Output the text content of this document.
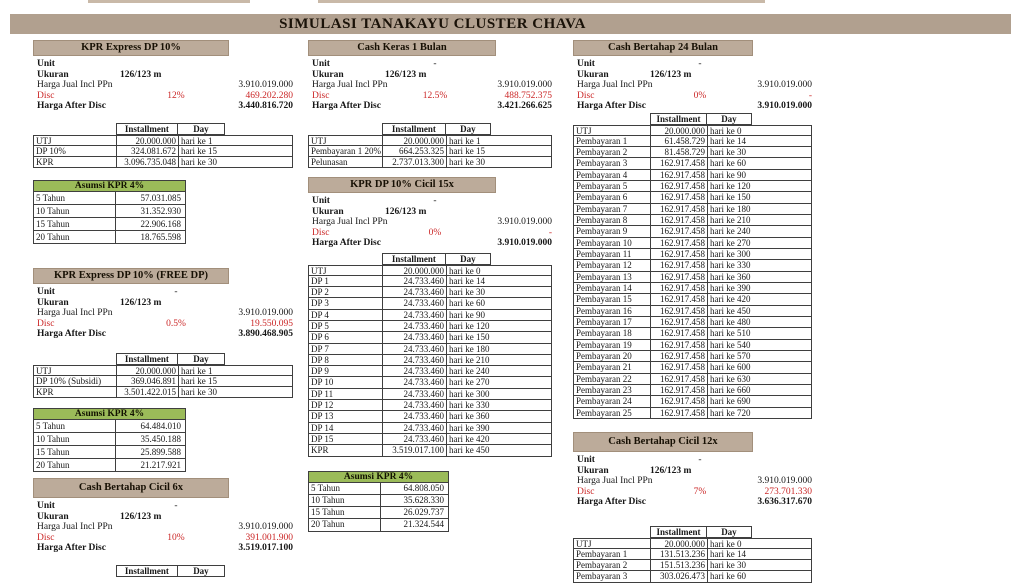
SIMULASI TANAKAYU CLUSTER CHAVA
KPR Express DP 10%
Unit
Ukuran	126/123 m
Harga Jual Incl PPn	3.910.019.000
Disc	12%	469.202.280
Harga After Disc	3.440.816.720
Installment	Day
UTJ	20.000.000 hari ke 1
DP 10%	324.081.672 hari ke 15
KPR	3.096.735.048 hari ke 30
Asumsi KPR 4%
5 Tahun	57.031.085
10 Tahun	31.352.930
15 Tahun	22.906.168
20 Tahun	18.765.598
KPR Express DP 10% (FREE DP)
Unit	-
Ukuran	126/123 m
Harga Jual Incl PPn	3.910.019.000
Disc	0.5%	19.550.095
Harga After Disc	3.890.468.905
Installment	Day
UTJ	20.000.000 hari ke 1
DP 10% (Subsidi)	369.046.891 hari ke 15
KPR	3.501.422.015 hari ke 30
Asumsi KPR 4%
5 Tahun	64.484.010
10 Tahun	35.450.188
15 Tahun	25.899.588
20 Tahun	21.217.921
Cash Bertahap Cicil 6x
Unit	-
Ukuran	126/123 m
Harga Jual Incl PPn	3.910.019.000
Disc	10%	391.001.900
Harga After Disc	3.519.017.100
Installment	Day
Cash Keras 1 Bulan
Unit	-
Ukuran	126/123 m
Harga Jual Incl PPn	3.910.019.000
Disc	12.5%	488.752.375
Harga After Disc	3.421.266.625
Installment	Day
UTJ	20.000.000 hari ke 1
Pembayaran 1 20%	664.253.325 hari ke 15
Pelunasan	2.737.013.300 hari ke 30
KPR DP 10% Cicil 15x
Unit	-
Ukuran	126/123 m
Harga Jual Incl PPn	3.910.019.000
Disc	0%	-
Harga After Disc	3.910.019.000
Installment	Day
UTJ	20.000.000 hari ke 0
DP 1	24.733.460 hari ke 14
DP 2	24.733.460 hari ke 30
DP 3	24.733.460 hari ke 60
DP 4	24.733.460 hari ke 90
DP 5	24.733.460 hari ke 120
DP 6	24.733.460 hari ke 150
DP 7	24.733.460 hari ke 180
DP 8	24.733.460 hari ke 210
DP 9	24.733.460 hari ke 240
DP 10	24.733.460 hari ke 270
DP 11	24.733.460 hari ke 300
DP 12	24.733.460 hari ke 330
DP 13	24.733.460 hari ke 360
DP 14	24.733.460 hari ke 390
DP 15	24.733.460 hari ke 420
KPR	3.519.017.100 hari ke 450
Asumsi KPR 4%
5 Tahun	64.808.050
10 Tahun	35.628.330
15 Tahun	26.029.737
20 Tahun	21.324.544
Cash Bertahap 24 Bulan
Unit	-
Ukuran	126/123 m
Harga Jual Incl PPn	3.910.019.000
Disc	0%	-
Harga After Disc	3.910.019.000
Installment	Day
UTJ	20.000.000 hari ke 0
Pembayaran 1	61.458.729 hari ke 14
Pembayaran 2	81.458.729 hari ke 30
Pembayaran 3	162.917.458 hari ke 60
Pembayaran 4	162.917.458 hari ke 90
Pembayaran 5	162.917.458 hari ke 120
Pembayaran 6	162.917.458 hari ke 150
Pembayaran 7	162.917.458 hari ke 180
Pembayaran 8	162.917.458 hari ke 210
Pembayaran 9	162.917.458 hari ke 240
Pembayaran 10	162.917.458 hari ke 270
Pembayaran 11	162.917.458 hari ke 300
Pembayaran 12	162.917.458 hari ke 330
Pembayaran 13	162.917.458 hari ke 360
Pembayaran 14	162.917.458 hari ke 390
Pembayaran 15	162.917.458 hari ke 420
Pembayaran 16	162.917.458 hari ke 450
Pembayaran 17	162.917.458 hari ke 480
Pembayaran 18	162.917.458 hari ke 510
Pembayaran 19	162.917.458 hari ke 540
Pembayaran 20	162.917.458 hari ke 570
Pembayaran 21	162.917.458 hari ke 600
Pembayaran 22	162.917.458 hari ke 630
Pembayaran 23	162.917.458 hari ke 660
Pembayaran 24	162.917.458 hari ke 690
Pembayaran 25	162.917.458 hari ke 720
Cash Bertahap Cicil 12x
Unit	-
Ukuran	126/123 m
Harga Jual Incl PPn	3.910.019.000
Disc	7%	273.701.330
Harga After Disc	3.636.317.670
Installment	Day
UTJ	20.000.000 hari ke 0
Pembayaran 1	131.513.236 hari ke 14
Pembayaran 2	151.513.236 hari ke 30
Pembayaran 3	303.026.473 hari ke 60
